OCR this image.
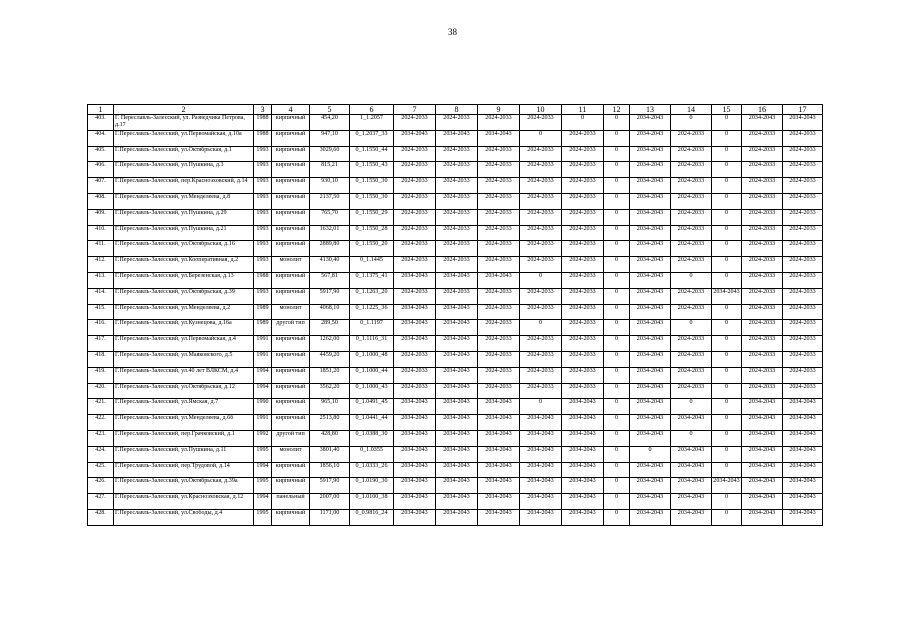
38
1	2	3	4	5	6	7	8	9	10	11	12	13	14	15	16	17
403.	Г. Переславль-Залесский, ул. Разведчика Петрова, д.17	1988	кирпичный	454,20	1_1.2057	2024-2033	2024-2033	2024-2033	2024-2033	0	0	2034-2043	0	0	2034-2043	2034-2043
404.	Г.Переславль-Залесский, ул.Первомайская, д.10а	1988	кирпичный	947,10	0_1.2037_33	2034-2043	2034-2043	2034-2043	0	2024-2033	0	2034-2043	2024-2033	0	2024-2033	2024-2033
405.	Г.Переславль-Залесский, ул.Октябрьская, д.1	1993	кирпичный	3029,60	0_1.1550_44	2024-2033	2024-2033	2024-2033	2024-2033	2024-2033	0	2034-2043	2024-2033	0	2024-2033	2024-2033
406.	Г.Переславль-Залесский, ул.Пушкина, д.3	1993	кирпичный	815,21	0_1.1550_43	2024-2033	2024-2033	2024-2033	2024-2033	2024-2033	0	2034-2043	2024-2033	0	2024-2033	2024-2033
407.	Г.Переславль-Залесский, пер.Красноэховский, д.14	1993	кирпичный	930,10	0_1.1550_30	2024-2033	2024-2033	2024-2033	2024-2033	2024-2033	0	2034-2043	2024-2033	0	2024-2033	2024-2033
408.	Г.Переславль-Залесский, ул.Менделеева, д.8	1993	кирпичный	2137,50	0_1.1550_30	2024-2033	2024-2033	2024-2033	2024-2033	2024-2033	0	2034-2043	2024-2033	0	2024-2033	2024-2033
409.	Г.Переславль-Залесский, ул.Пушкина, д.29	1993	кирпичный	765,70	0_1.1550_29	2024-2033	2024-2033	2024-2033	2024-2033	2024-2033	0	2034-2043	2024-2033	0	2024-2033	2024-2033
410.	Г.Переславль-Залесский, ул.Пушкина, д.21	1993	кирпичный	1632,01	0_1.1550_28	2024-2033	2024-2033	2024-2033	2024-2033	2024-2033	0	2034-2043	2024-2033	0	2024-2033	2024-2033
411.	Г.Переславль-Залесский, ул.Октябрьская, д.16	1993	кирпичный	2889,80	0_1.1550_20	2024-2033	2024-2033	2024-2033	2024-2033	2024-2033	0	2034-2043	2024-2033	0	2024-2033	2024-2033
412.	Г.Переславль-Залесский, ул.Кооперативная, д.2	1993	монолит	4130,40	0_1.1445	2024-2033	2024-2033	2024-2033	2024-2033	2024-2033	0	2034-2043	2024-2033	0	2024-2033	2024-2033
413.	Г.Переславль-Залесский, ул.Березенская, д.13	1988	кирпичный	567,81	0_1.1375_41	2034-2043	2034-2043	2034-2043	0	2024-2033	0	2034-2043	0	0	2024-2033	2024-2033
414.	Г.Переславль-Залесский, ул.Октябрьская, д.39	1993	кирпичный	5917,90	0_1.1263_20	2024-2033	2024-2033	2024-2033	2024-2033	2024-2033	0	2034-2043	2024-2033	2034-2043	2024-2033	2024-2033
415.	Г.Переславль-Залесский, ул.Менделеева, д.2	1989	монолит	4068,10	0_1.1225_36	2034-2043	2034-2043	2024-2033	2024-2033	2024-2033	0	2034-2043	2024-2033	0	2024-2033	2024-2033
416.	Г.Переславль-Залесский, ул.Кузнецова, д.16а	1989	другой тип	289,50	0_1.1197	2034-2043	2034-2043	2024-2033	0	2024-2033	0	2034-2043	0	0	2024-2033	2024-2033
417.	Г.Переславль-Залесский, ул.Первомайская, д.4	1991	кирпичный	1262,00	0_1.1116_31	2034-2043	2034-2043	2024-2033	2024-2033	2024-2033	0	2034-2043	2024-2033	0	2024-2033	2024-2033
418.	Г.Переславль-Залесский, ул.Маяковского, д.5	1991	кирпичный	4459,20	0_1.1000_48	2024-2033	2034-2043	2024-2033	2024-2033	2024-2033	0	2034-2043	2024-2033	0	2024-2033	2024-2033
419.	Г.Переславль-Залесский, ул.40 лет ВЛКСМ, д.4	1994	кирпичный	1851,20	0_1.1000_44	2024-2033	2034-2043	2024-2033	2024-2033	2024-2033	0	2034-2043	2024-2033	0	2024-2033	2024-2033
420.	Г.Переславль-Залесский, ул.Октябрьская, д.12	1994	кирпичный	3562,20	0_1.1000_43	2024-2033	2034-2043	2024-2033	2024-2033	2024-2033	0	2034-2043	2024-2033	0	2024-2033	2024-2033
421.	Г.Переславль-Залесский, ул.Ямская, д.7	1990	кирпичный	965,10	0_1.0491_45	2034-2043	2034-2043	2034-2043	0	2034-2043	0	2034-2043	0	0	2034-2043	2034-2043
422.	Г.Переславль-Залесский, ул.Менделеева, д.6б	1991	кирпичный	2513,80	0_1.0441_44	2034-2043	2034-2043	2034-2043	2034-2043	2034-2043	0	2034-2043	2034-2043	0	2034-2043	2034-2043
423.	Г.Переславль-Залесский, пер.Грачковский, д.1	1992	другой тип	428,80	0_1.0388_30	2034-2043	2034-2043	2034-2043	2034-2043	2034-2043	0	2034-2043	0	0	2034-2043	2034-2043
424.	Г.Переславль-Залесский, ул.Пушкина, д.11	1995	монолит	3801,40	0_1.0355	2034-2043	2034-2043	2034-2043	2034-2043	2034-2043	0	0	2034-2043	0	2034-2043	2034-2043
425.	Г.Переславль-Залесский, пер.Трудовой, д.14	1994	кирпичный	1856,10	0_1.0333_26	2034-2043	2034-2043	2034-2043	2034-2043	2034-2043	0	2034-2043	2034-2043	0	2034-2043	2034-2043
426.	Г.Переславль-Залесский, ул.Октябрьская, д.39а	1995	кирпичный	5917,90	0_1.0190_30	2034-2043	2034-2043	2034-2043	2034-2043	2034-2043	0	2034-2043	2034-2043	2034-2043	2034-2043	2034-2043
427.	Г.Переславль-Залесский, ул.Красноэховская, д.12	1994	панельный	2007,00	0_1.0100_38	2034-2043	2034-2043	2034-2043	2034-2043	2034-2043	0	2034-2043	2034-2043	0	2034-2043	2034-2043
428.	Г.Переславль-Залесский, ул.Свободы, д.4	1995	кирпичный	1171,00	0_0.9816_24	2034-2043	2034-2043	2034-2043	2034-2043	2034-2043	0	2034-2043	2034-2043	0	2034-2043	2034-2043
